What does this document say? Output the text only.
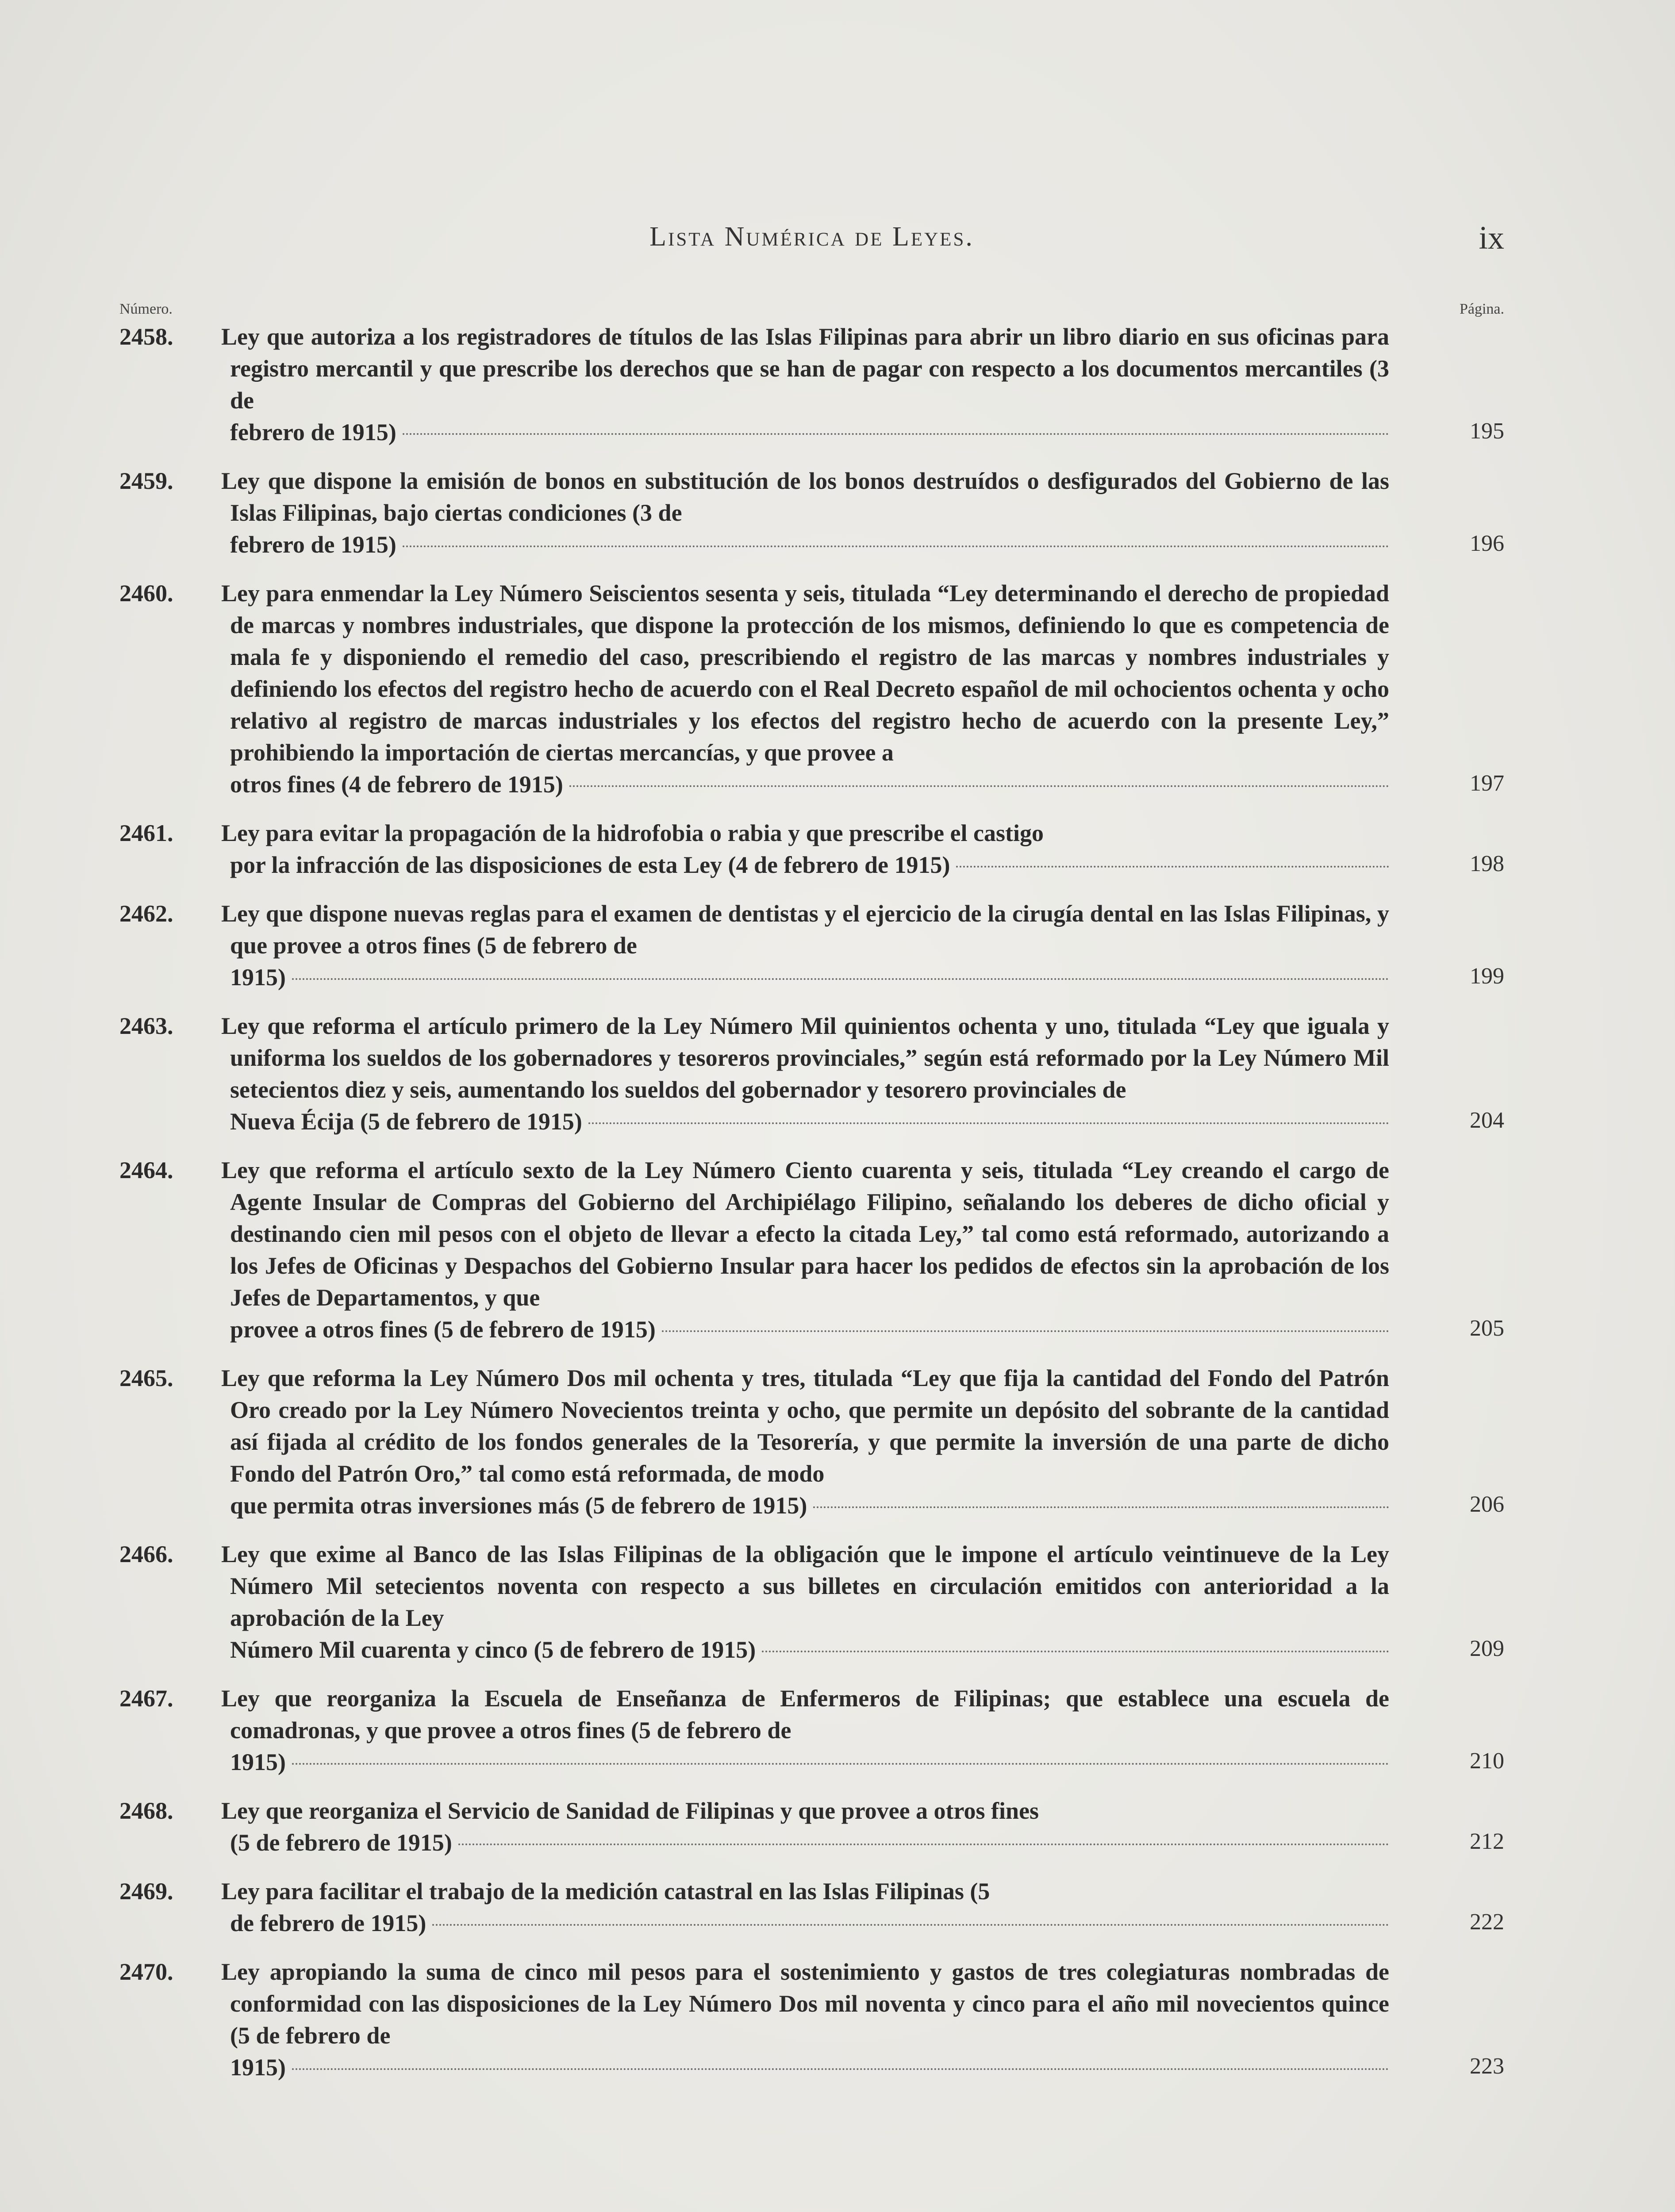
Lista Numérica de Leyes.	ix
Número.	Página.
2458. Ley que autoriza a los registradores de títulos de las Islas Filipinas para abrir un libro diario en sus oficinas para registro mercantil y que prescribe los derechos que se han de pagar con respecto a los documentos mercantiles (3 de
febrero de 1915)	195
2459. Ley que dispone la emisión de bonos en substitución de los bonos destruídos o desfigurados del Gobierno de las Islas Filipinas, bajo ciertas condiciones (3 de
febrero de 1915)	196
2460. Ley para enmendar la Ley Número Seiscientos sesenta y seis, titulada “Ley determinando el derecho de propiedad de marcas y nombres industriales, que dispone la protección de los mismos, definiendo lo que es competencia de mala fe y disponiendo el remedio del caso, prescribiendo el registro de las marcas y nombres industriales y definiendo los efectos del registro hecho de acuerdo con el Real Decreto español de mil ochocientos ochenta y ocho relativo al registro de marcas industriales y los efectos del registro hecho de acuerdo con la presente Ley,” prohibiendo la importación de ciertas mercancías, y que provee a
otros fines (4 de febrero de 1915)	197
2461. Ley para evitar la propagación de la hidrofobia o rabia y que prescribe el castigo
por la infracción de las disposiciones de esta Ley (4 de febrero de 1915)	198
2462. Ley que dispone nuevas reglas para el examen de dentistas y el ejercicio de la cirugía dental en las Islas Filipinas, y que provee a otros fines (5 de febrero de
1915)	199
2463. Ley que reforma el artículo primero de la Ley Número Mil quinientos ochenta y uno, titulada “Ley que iguala y uniforma los sueldos de los gobernadores y tesoreros provinciales,” según está reformado por la Ley Número Mil setecientos diez y seis, aumentando los sueldos del gobernador y tesorero provinciales de
Nueva Écija (5 de febrero de 1915)	204
2464. Ley que reforma el artículo sexto de la Ley Número Ciento cuarenta y seis, titulada “Ley creando el cargo de Agente Insular de Compras del Gobierno del Archipiélago Filipino, señalando los deberes de dicho oficial y destinando cien mil pesos con el objeto de llevar a efecto la citada Ley,” tal como está reformado, autorizando a los Jefes de Oficinas y Despachos del Gobierno Insular para hacer los pedidos de efectos sin la aprobación de los Jefes de Departamentos, y que
provee a otros fines (5 de febrero de 1915)	205
2465. Ley que reforma la Ley Número Dos mil ochenta y tres, titulada “Ley que fija la cantidad del Fondo del Patrón Oro creado por la Ley Número Novecientos treinta y ocho, que permite un depósito del sobrante de la cantidad así fijada al crédito de los fondos generales de la Tesorería, y que permite la inversión de una parte de dicho Fondo del Patrón Oro,” tal como está reformada, de modo
que permita otras inversiones más (5 de febrero de 1915)	206
2466. Ley que exime al Banco de las Islas Filipinas de la obligación que le impone el artículo veintinueve de la Ley Número Mil setecientos noventa con respecto a sus billetes en circulación emitidos con anterioridad a la aprobación de la Ley
Número Mil cuarenta y cinco (5 de febrero de 1915)	209
2467. Ley que reorganiza la Escuela de Enseñanza de Enfermeros de Filipinas; que establece una escuela de comadronas, y que provee a otros fines (5 de febrero de
1915)	210
2468. Ley que reorganiza el Servicio de Sanidad de Filipinas y que provee a otros fines
(5 de febrero de 1915)	212
2469. Ley para facilitar el trabajo de la medición catastral en las Islas Filipinas (5
de febrero de 1915)	222
2470. Ley apropiando la suma de cinco mil pesos para el sostenimiento y gastos de tres colegiaturas nombradas de conformidad con las disposiciones de la Ley Número Dos mil noventa y cinco para el año mil novecientos quince (5 de febrero de
1915)	223
